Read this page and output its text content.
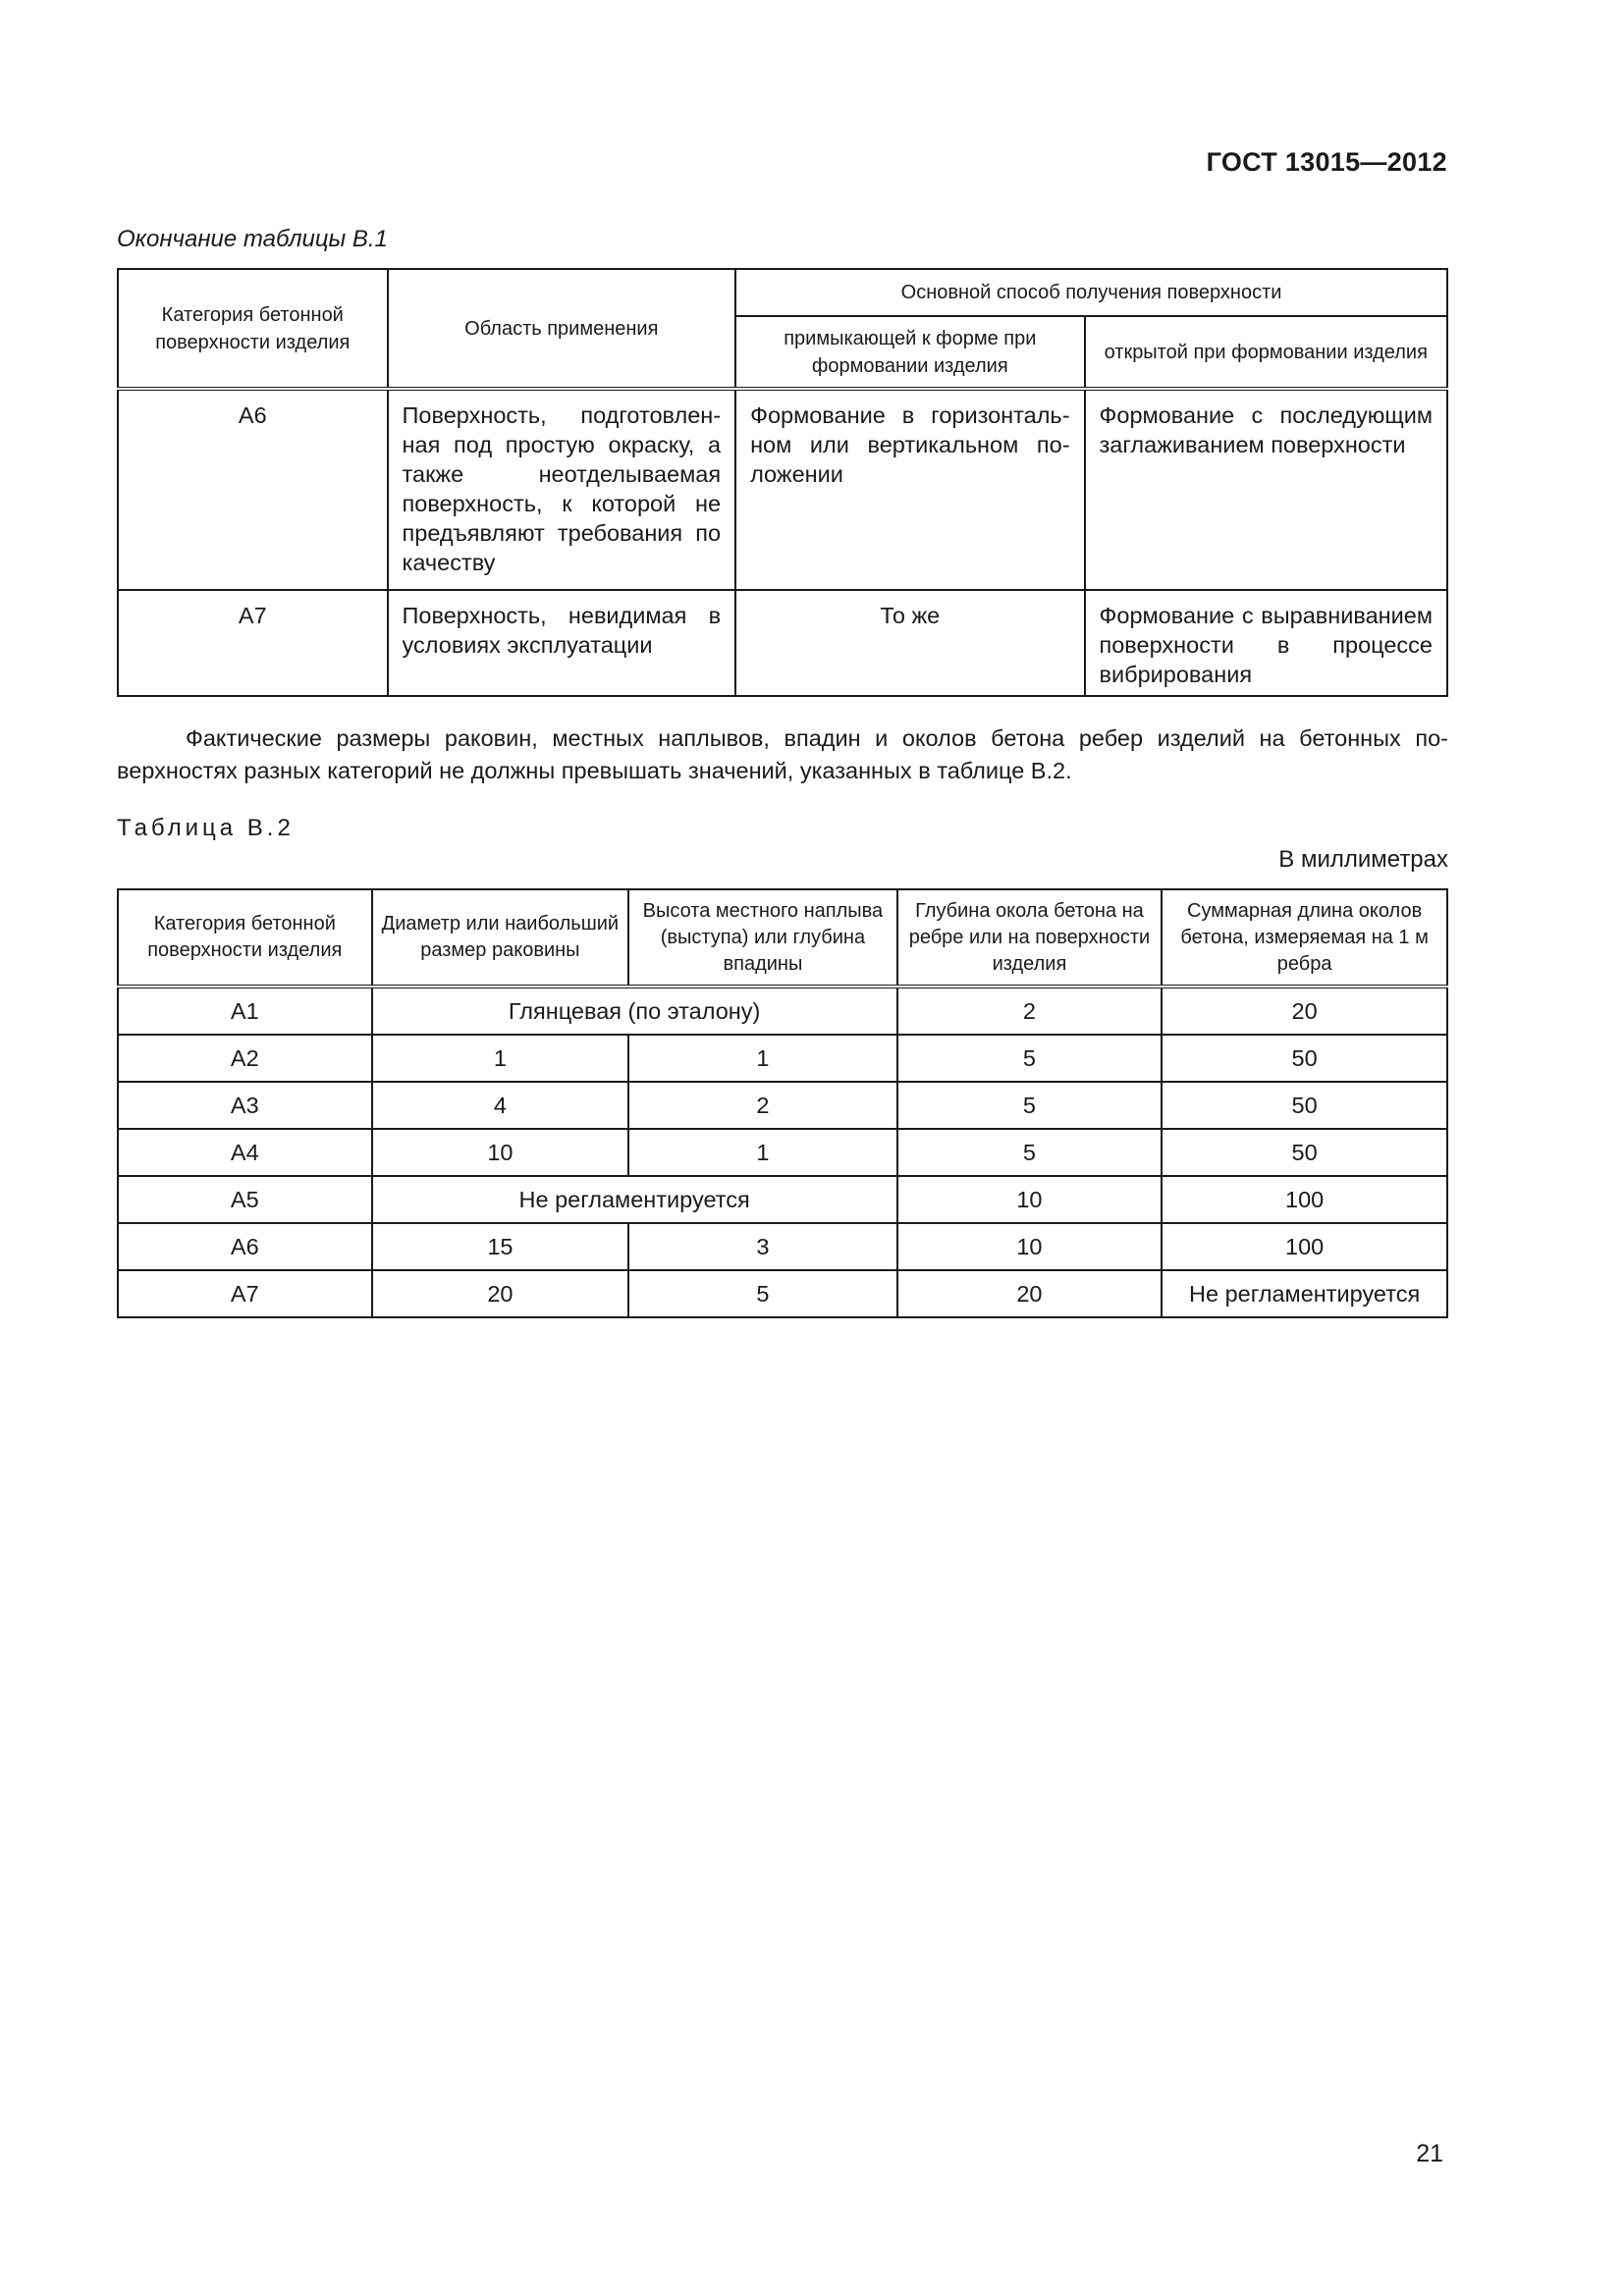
ГОСТ 13015—2012
Окончание таблицы В.1
Категория бетонной поверхности изделия	Область применения	Основной способ получения поверхности	
		примыкающей к форме при формовании изделия	открытой при формовании изделия
А6	Поверхность, подготовленная под простую окраску, а также неотделываемая поверхность, к которой не предъявляют требования по качеству	Формование в горизонтальном или вертикальном положении	Формование с последующим заглаживанием поверхности
А7	Поверхность, невидимая в условиях эксплуатации	То же	Формование с выравниванием поверхности в процессе вибрирования
Фактические размеры раковин, местных наплывов, впадин и околов бетона ребер изделий на бетонных поверхностях разных категорий не должны превышать значений, указанных в таблице В.2.
Таблица В.2
В миллиметрах
Категория бетонной поверхности изделия	Диаметр или наибольший размер раковины	Высота местного наплыва (выступа) или глубина впадины	Глубина окола бетона на ребре или на поверхности изделия	Суммарная длина околов бетона, измеряемая на 1 м ребра
А1	Глянцевая (по эталону)		2	20
А2	1	1	5	50
А3	4	2	5	50
А4	10	1	5	50
А5	Не регламентируется		10	100
А6	15	3	10	100
А7	20	5	20	Не регламентируется
21
